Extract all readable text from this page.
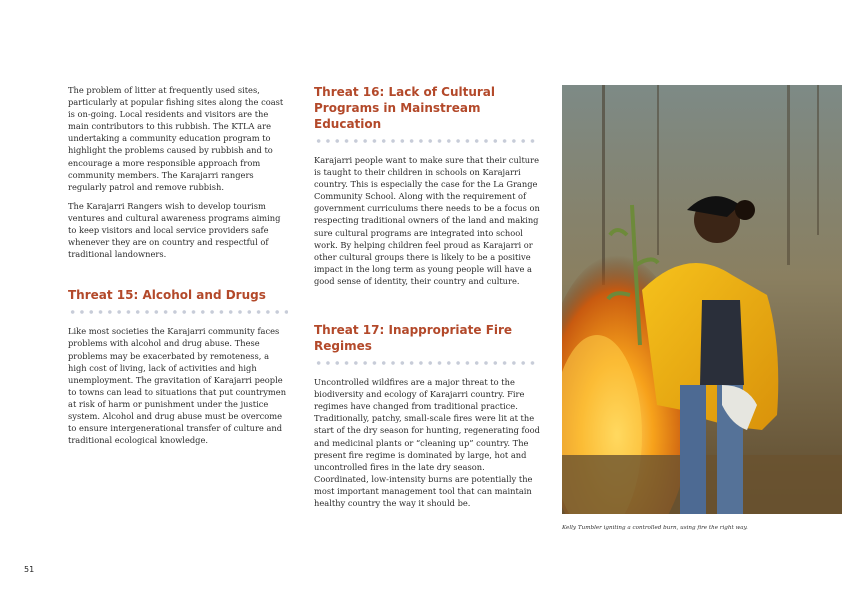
The problem of litter at frequently used sites, particularly at popular fishing sites along the coast is on-going. Local residents and visitors are the main contributors to this rubbish. The KTLA are undertaking a community education program to highlight the problems caused by rubbish and to encourage a more responsible approach from community members. The Karajarri rangers regularly patrol and remove rubbish.

The Karajarri Rangers wish to develop tourism ventures and cultural awareness programs aiming to keep visitors and local service providers safe whenever they are on country and respectful of traditional landowners.

Threat 15: Alcohol and Drugs

Like most societies the Karajarri community faces problems with alcohol and drug abuse. These problems may be exacerbated by remoteness, a high cost of living, lack of activities and high unemployment. The gravitation of Karajarri people to towns can lead to situations that put countrymen at risk of harm or punishment under the justice system. Alcohol and drug abuse must be overcome to ensure intergenerational transfer of culture and traditional ecological knowledge.

Threat 16: Lack of Cultural Programs in Mainstream Education

Karajarri people want to make sure that their culture is taught to their children in schools on Karajarri country. This is especially the case for the La Grange Community School. Along with the requirement of government curriculums there needs to be a focus on respecting traditional owners of the land and making sure cultural programs are integrated into school work. By helping children feel proud as Karajarri or other cultural groups there is likely to be a positive impact in the long term as young people will have a good sense of identity, their country and culture.

Threat 17: Inappropriate Fire Regimes

Uncontrolled wildfires are a major threat to the biodiversity and ecology of Karajarri country. Fire regimes have changed from traditional practice. Traditionally, patchy, small-scale fires were lit at the start of the dry season for hunting, regenerating food and medicinal plants or “cleaning up” country. The present fire regime is dominated by large, hot and uncontrolled fires in the late dry season. Coordinated, low-intensity burns are potentially the most important management tool that can maintain healthy country the way it should be.

Kelly Tumbler igniting a controlled burn, using fire the right way.
51
